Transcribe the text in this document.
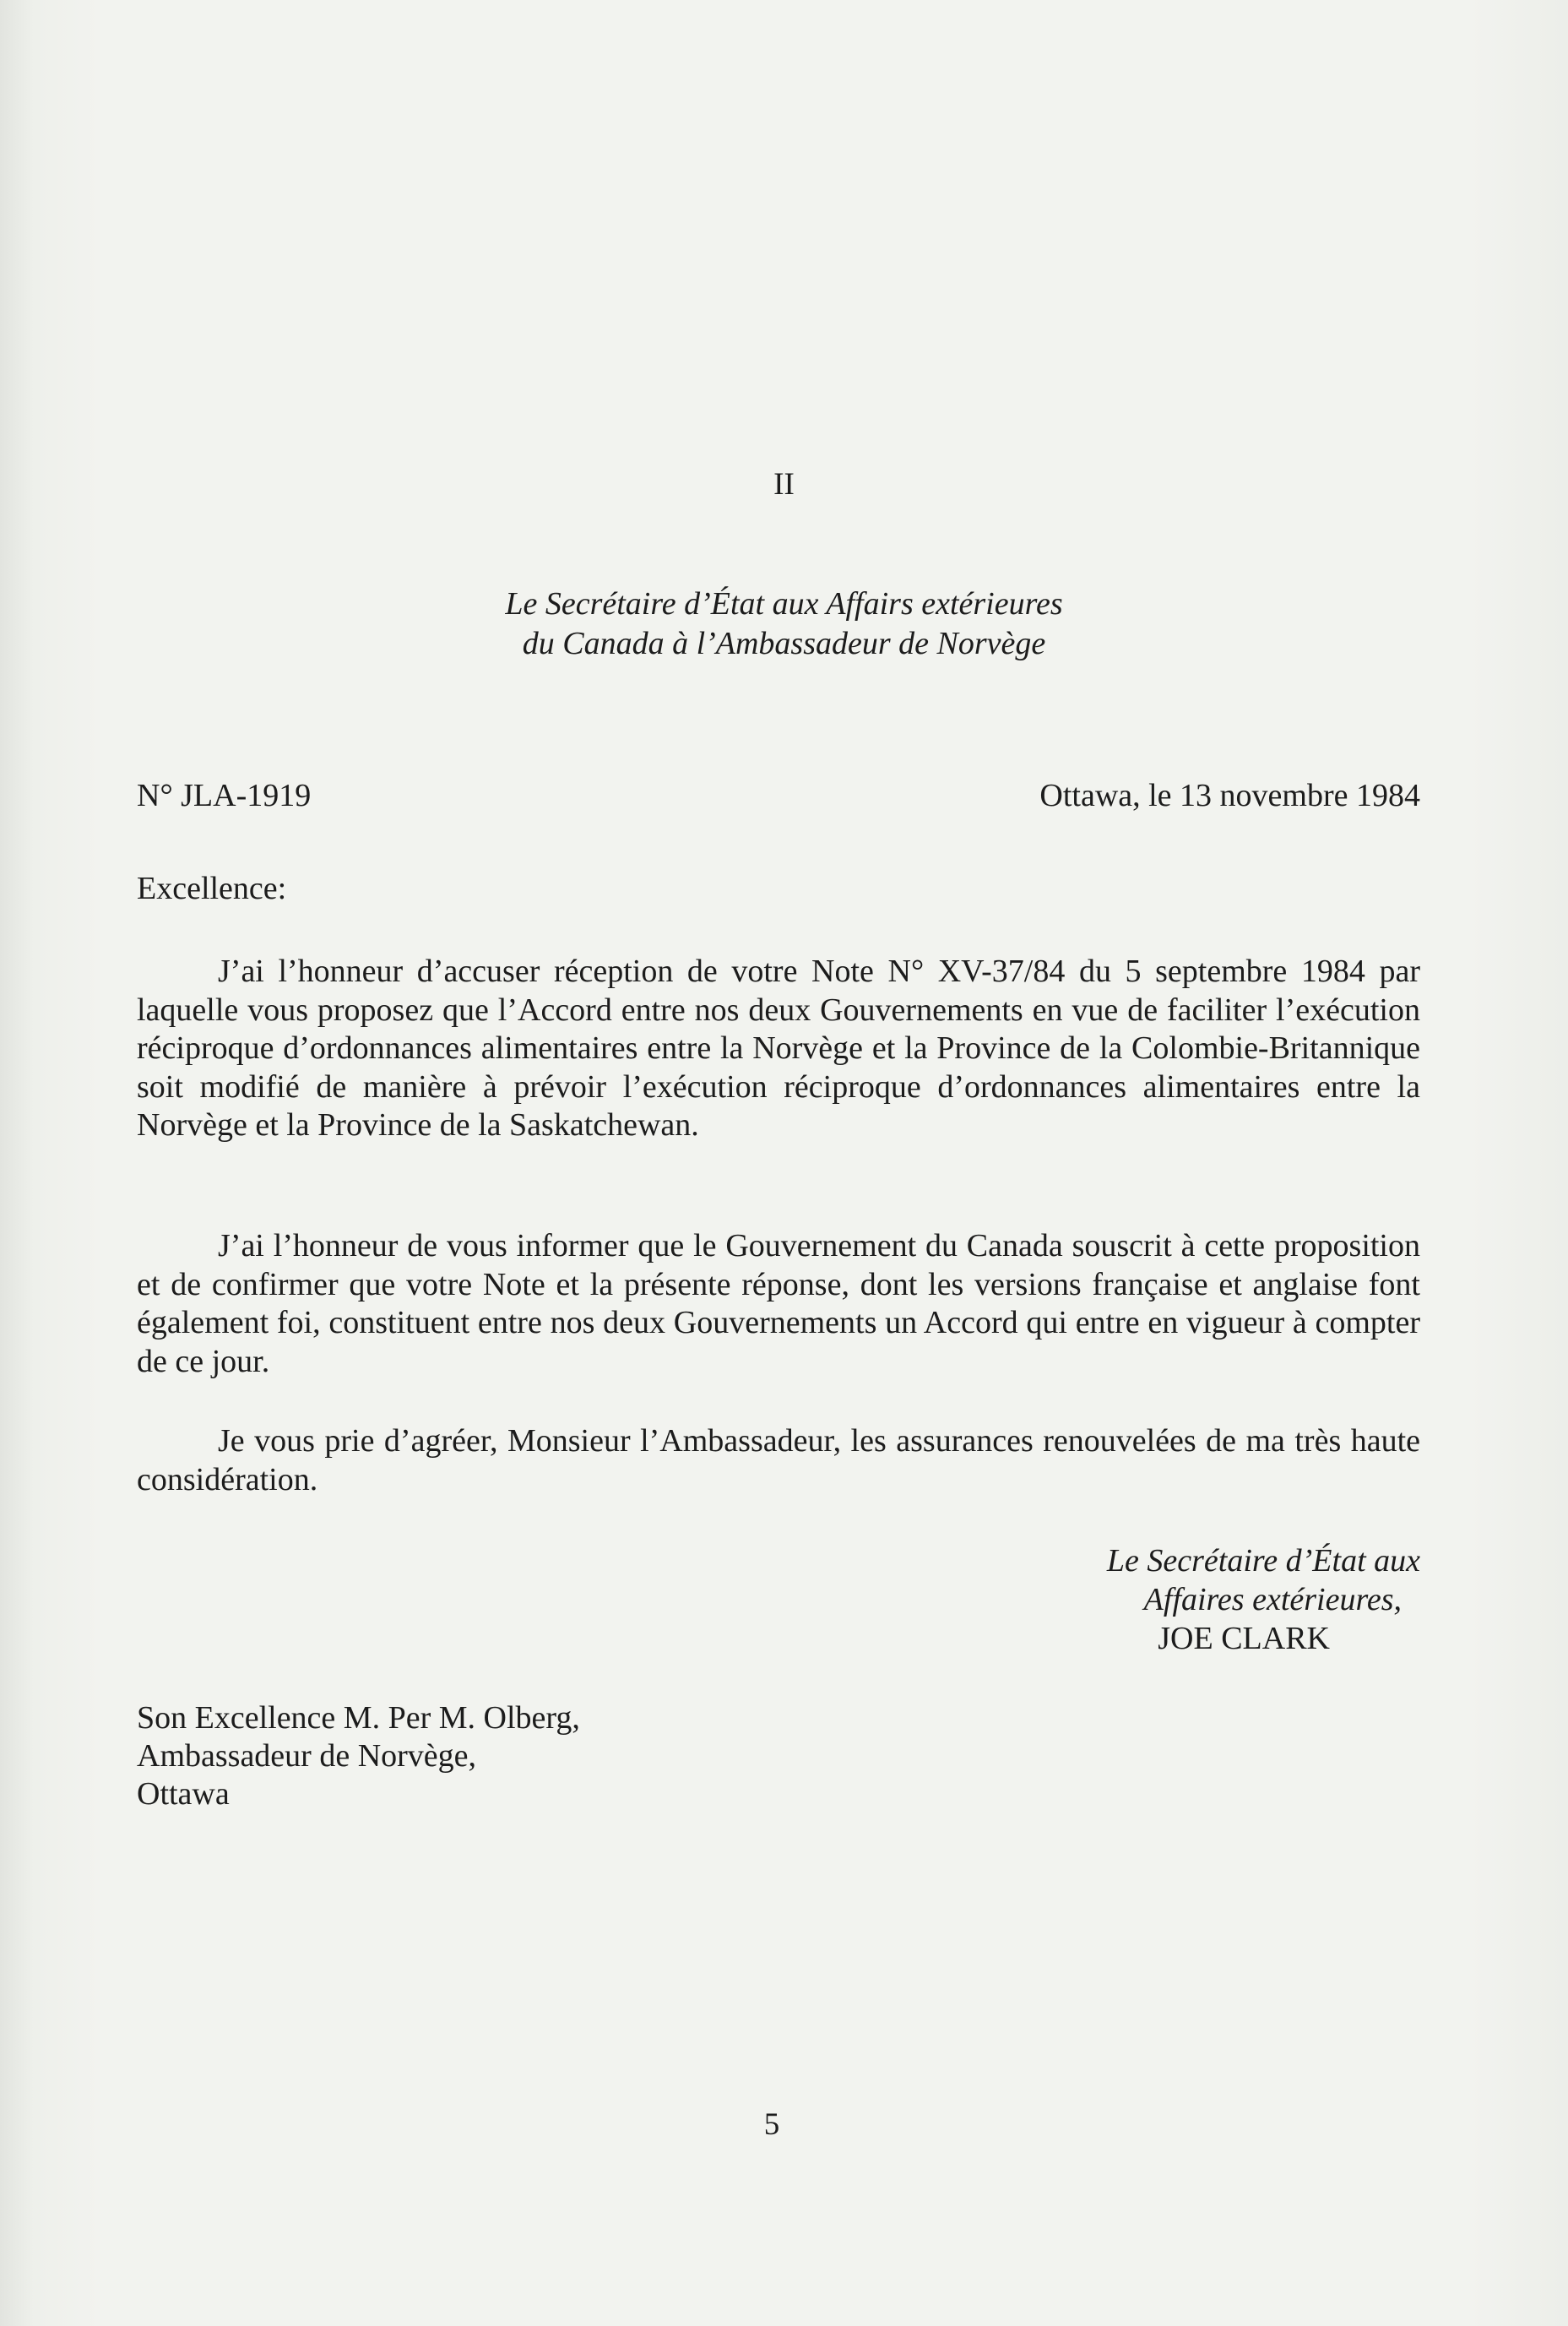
II
Le Secrétaire d’État aux Affairs extérieures
du Canada à l’Ambassadeur de Norvège
N° JLA-1919	Ottawa, le 13 novembre 1984
Excellence:

J’ai l’honneur d’accuser réception de votre Note N° XV-37/84 du 5 septembre 1984 par laquelle vous proposez que l’Accord entre nos deux Gouvernements en vue de faciliter l’exécution réciproque d’ordonnances alimentaires entre la Norvège et la Province de la Colombie-Britannique soit modifié de manière à prévoir l’exécution réciproque d’ordonnances alimentaires entre la Norvège et la Province de la Saskatchewan.

J’ai l’honneur de vous informer que le Gouvernement du Canada souscrit à cette proposition et de confirmer que votre Note et la présente réponse, dont les versions française et anglaise font également foi, constituent entre nos deux Gouvernements un Accord qui entre en vigueur à compter de ce jour.

Je vous prie d’agréer, Monsieur l’Ambassadeur, les assurances renouvelées de ma très haute considération.

Le Secrétaire d’État aux
Affaires extérieures,
JOE CLARK
Son Excellence M. Per M. Olberg,
Ambassadeur de Norvège,
Ottawa
5
